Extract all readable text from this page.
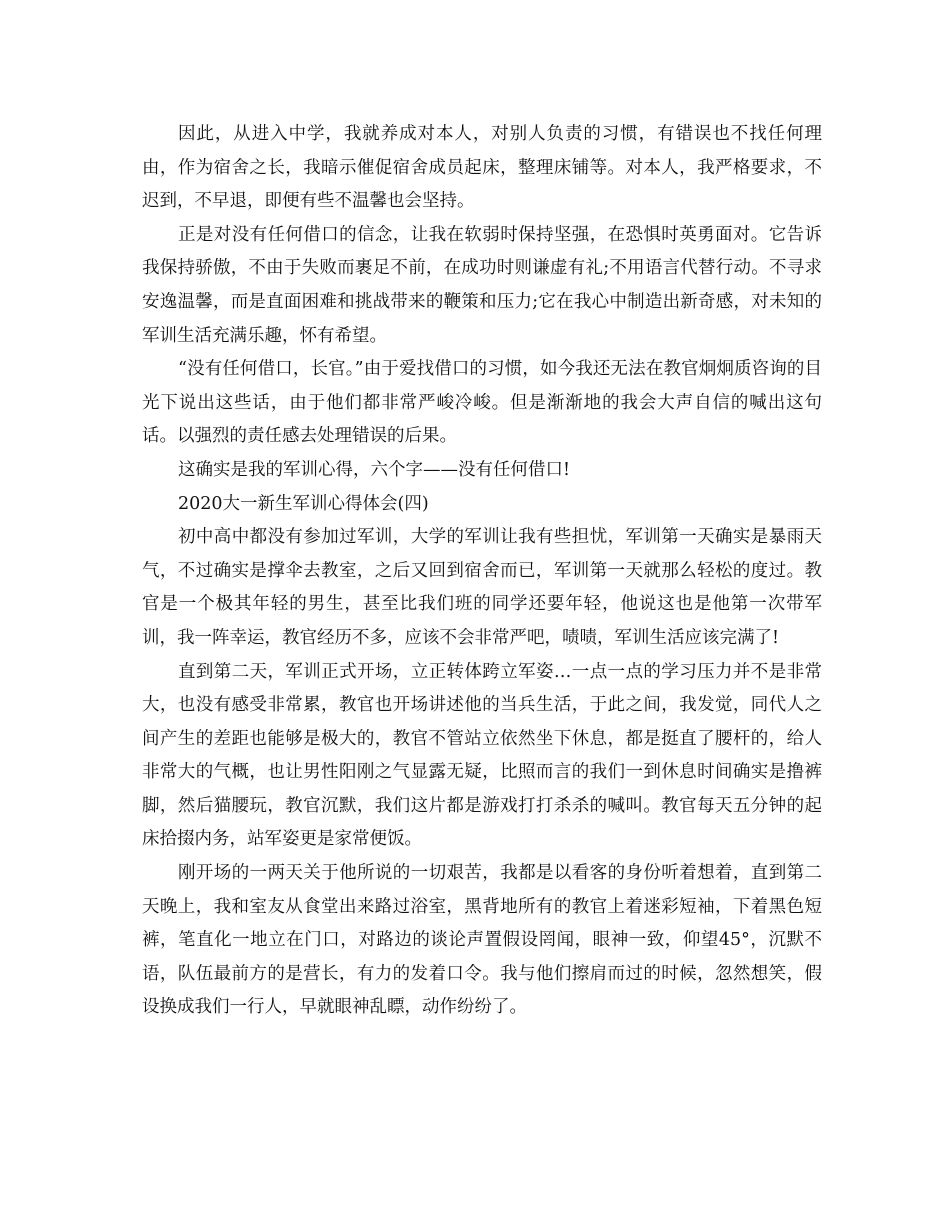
因此，从进入中学，我就养成对本人，对别人负责的习惯，有错误也不找任何理由，作为宿舍之长，我暗示催促宿舍成员起床，整理床铺等。对本人，我严格要求，不迟到，不早退，即便有些不温馨也会坚持。

正是对没有任何借口的信念，让我在软弱时保持坚强，在恐惧时英勇面对。它告诉我保持骄傲，不由于失败而裹足不前，在成功时则谦虚有礼;不用语言代替行动。不寻求安逸温馨，而是直面困难和挑战带来的鞭策和压力;它在我心中制造出新奇感，对未知的军训生活充满乐趣，怀有希望。

“没有任何借口，长官。”由于爱找借口的习惯，如今我还无法在教官炯炯质咨询的目光下说出这些话，由于他们都非常严峻冷峻。但是渐渐地的我会大声自信的喊出这句话。以强烈的责任感去处理错误的后果。

这确实是我的军训心得，六个字——没有任何借口!

2020大一新生军训心得体会(四)

初中高中都没有参加过军训，大学的军训让我有些担忧，军训第一天确实是暴雨天气，不过确实是撑伞去教室，之后又回到宿舍而已，军训第一天就那么轻松的度过。教官是一个极其年轻的男生，甚至比我们班的同学还要年轻，他说这也是他第一次带军训，我一阵幸运，教官经历不多，应该不会非常严吧，啧啧，军训生活应该完满了!

直到第二天，军训正式开场，立正转体跨立军姿…一点一点的学习压力并不是非常大，也没有感受非常累，教官也开场讲述他的当兵生活，于此之间，我发觉，同代人之间产生的差距也能够是极大的，教官不管站立依然坐下休息，都是挺直了腰杆的，给人非常大的气概，也让男性阳刚之气显露无疑，比照而言的我们一到休息时间确实是撸裤脚，然后猫腰玩，教官沉默，我们这片都是游戏打打杀杀的喊叫。教官每天五分钟的起床拾掇内务，站军姿更是家常便饭。

刚开场的一两天关于他所说的一切艰苦，我都是以看客的身份听着想着，直到第二天晚上，我和室友从食堂出来路过浴室，黑背地所有的教官上着迷彩短袖，下着黑色短裤，笔直化一地立在门口，对路边的谈论声置假设罔闻，眼神一致，仰望45°，沉默不语，队伍最前方的是营长，有力的发着口令。我与他们擦肩而过的时候，忽然想笑，假设换成我们一行人，早就眼神乱瞟，动作纷纷了。
